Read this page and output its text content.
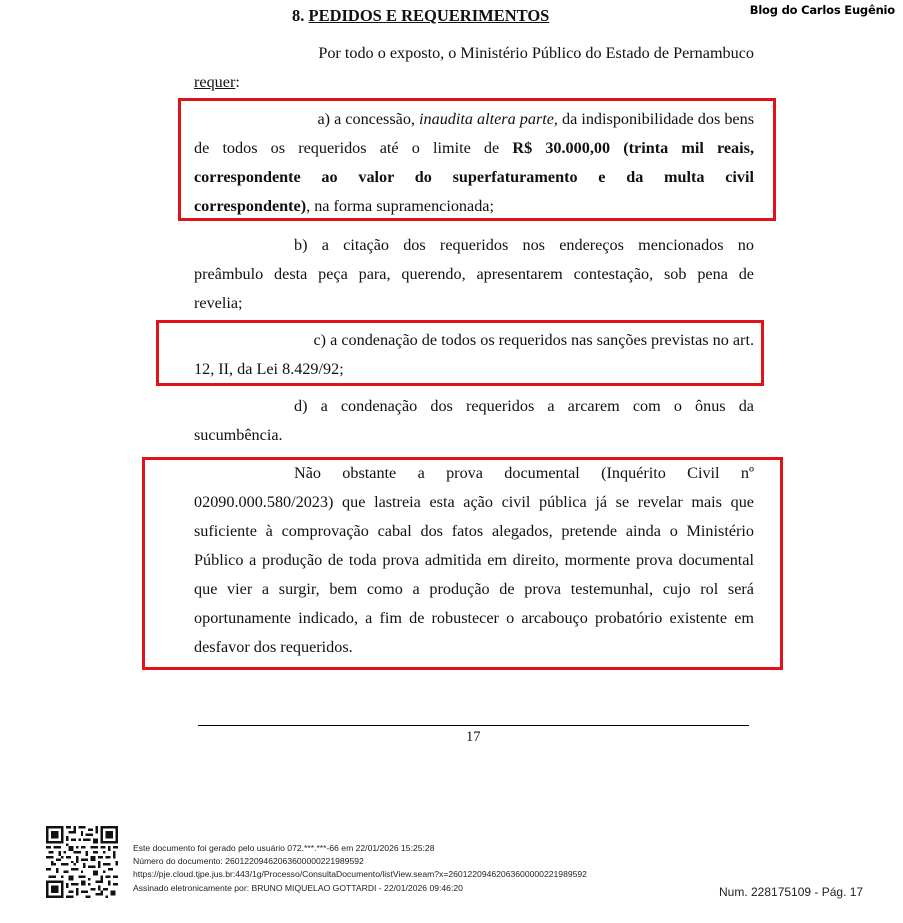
Blog do Carlos Eugênio
8. PEDIDOS E REQUERIMENTOS
Por todo o exposto, o Ministério Público do Estado de Pernambuco
requer:
a) a concessão, inaudita altera parte, da indisponibilidade dos bens
de todos os requeridos até o limite de R$ 30.000,00 (trinta mil reais,
correspondente ao valor do superfaturamento e da multa civil
correspondente), na forma supramencionada;
b) a citação dos requeridos nos endereços mencionados no
preâmbulo desta peça para, querendo, apresentarem contestação, sob pena de
revelia;
c) a condenação de todos os requeridos nas sanções previstas no art.
12, II, da Lei 8.429/92;
d) a condenação dos requeridos a arcarem com o ônus da
sucumbência.
Não obstante a prova documental (Inquérito Civil nº
02090.000.580/2023) que lastreia esta ação civil pública já se revelar mais que
suficiente à comprovação cabal dos fatos alegados, pretende ainda o Ministério
Público a produção de toda prova admitida em direito, mormente prova documental
que vier a surgir, bem como a produção de prova testemunhal, cujo rol será
oportunamente indicado, a fim de robustecer o arcabouço probatório existente em
desfavor dos requeridos.
17
Este documento foi gerado pelo usuário 072.***.***-66 em 22/01/2026 15:25:28
Número do documento: 26012209462063600000221989592
https://pje.cloud.tjpe.jus.br:443/1g/Processo/ConsultaDocumento/listView.seam?x=26012209462063600000221989592
Assinado eletronicamente por: BRUNO MIQUELAO GOTTARDI - 22/01/2026 09:46:20	Num. 228175109 - Pág. 17
